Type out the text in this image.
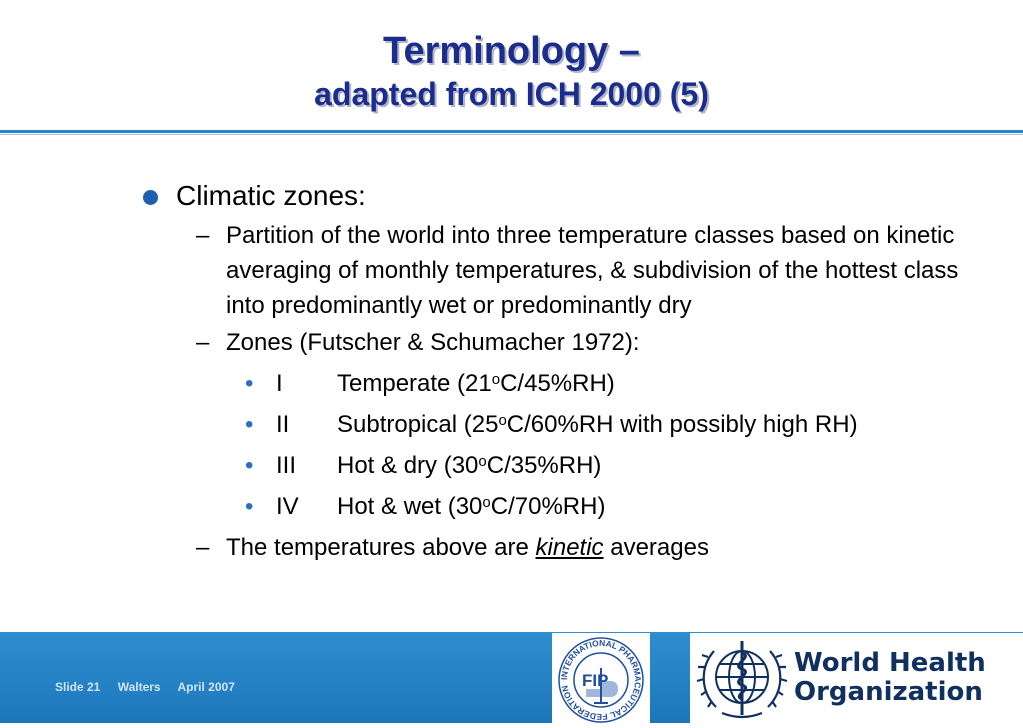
Terminology –
adapted from ICH 2000 (5)
Climatic zones:
– Partition of the world into three temperature classes based on kinetic averaging of monthly temperatures, & subdivision of the hottest class into predominantly wet or predominantly dry
– Zones (Futscher & Schumacher 1972):
• I Temperate (21$^o$C/45%RH)
• II Subtropical (25$^o$C/60%RH with possibly high RH)
• III Hot & dry (30$^o$C/35%RH)
• IV Hot & wet (30$^o$C/70%RH)
– The temperatures above are kinetic averages
Slide 21 Walters April 2007
INTERNATIONAL PHARMACEUTICAL FEDERATION FIP
World Health
Organization
